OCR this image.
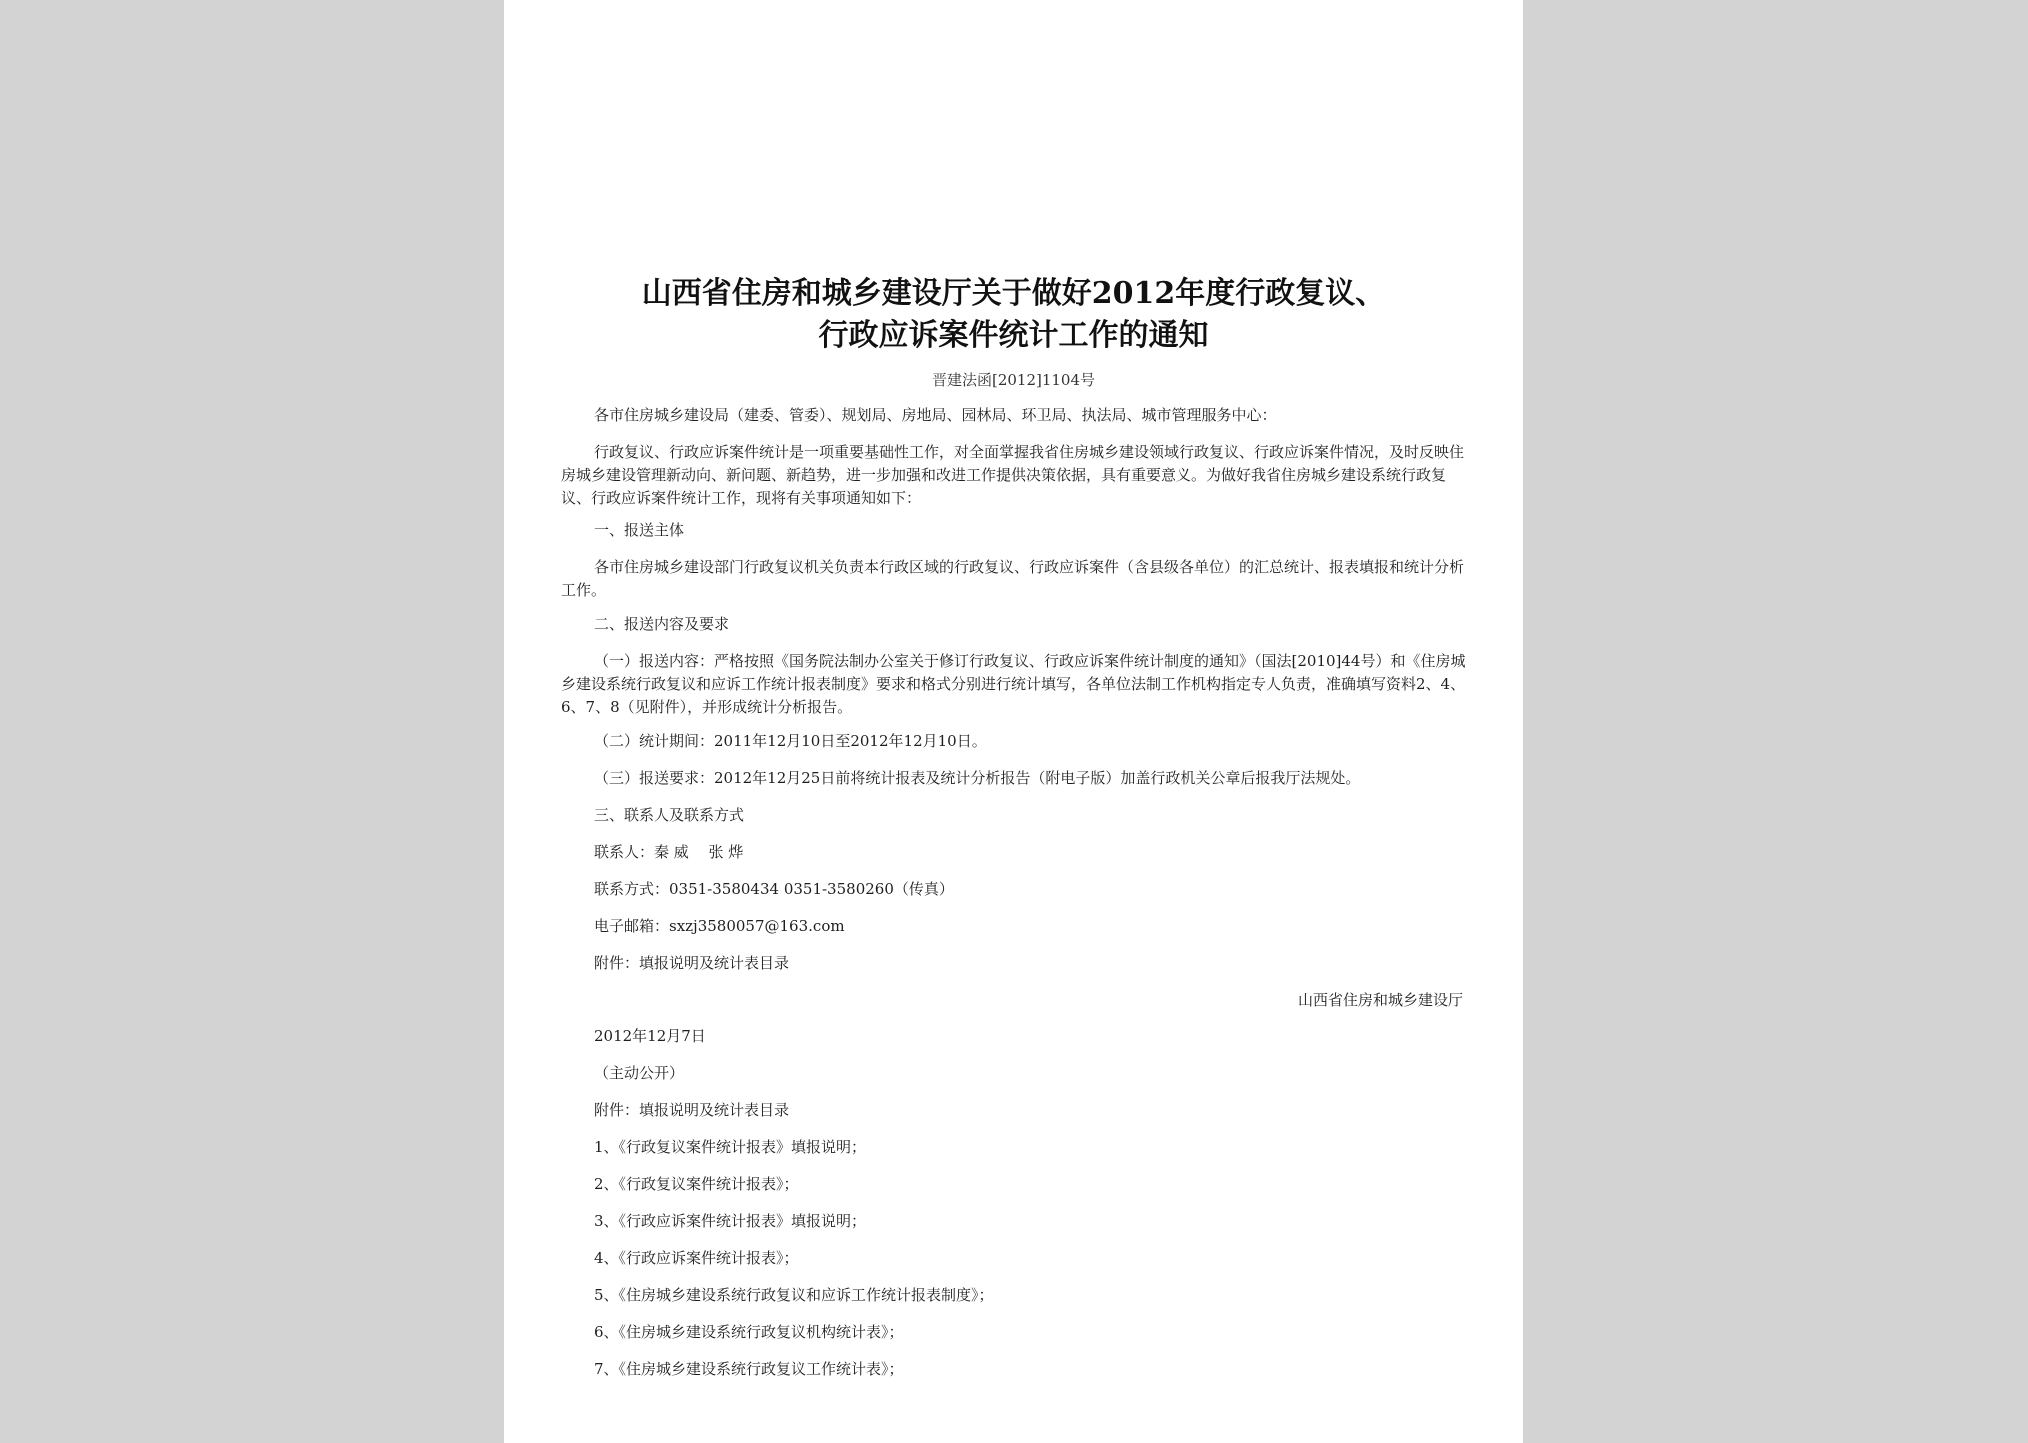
山西省住房和城乡建设厅关于做好2012年度行政复议、
行政应诉案件统计工作的通知
晋建法函[2012]1104号
各市住房城乡建设局（建委、管委）、规划局、房地局、园林局、环卫局、执法局、城市管理服务中心：
行政复议、行政应诉案件统计是一项重要基础性工作，对全面掌握我省住房城乡建设领域行政复议、行政应诉案件情况，及时反映住房城乡建设管理新动向、新问题、新趋势，进一步加强和改进工作提供决策依据，具有重要意义。为做好我省住房城乡建设系统行政复议、行政应诉案件统计工作，现将有关事项通知如下：
一、报送主体
各市住房城乡建设部门行政复议机关负责本行政区域的行政复议、行政应诉案件（含县级各单位）的汇总统计、报表填报和统计分析工作。
二、报送内容及要求
（一）报送内容：严格按照《国务院法制办公室关于修订行政复议、行政应诉案件统计制度的通知》（国法[2010]44号）和《住房城乡建设系统行政复议和应诉工作统计报表制度》要求和格式分别进行统计填写，各单位法制工作机构指定专人负责，准确填写资料2、4、6、7、8（见附件），并形成统计分析报告。
（二）统计期间：2011年12月10日至2012年12月10日。
（三）报送要求：2012年12月25日前将统计报表及统计分析报告（附电子版）加盖行政机关公章后报我厅法规处。
三、联系人及联系方式
联系人：秦 威　 张 烨
联系方式：0351-3580434 0351-3580260（传真）
电子邮箱：sxzj3580057@163.com
附件：填报说明及统计表目录
山西省住房和城乡建设厅
2012年12月7日
（主动公开）
附件：填报说明及统计表目录
1、《行政复议案件统计报表》填报说明；
2、《行政复议案件统计报表》；
3、《行政应诉案件统计报表》填报说明；
4、《行政应诉案件统计报表》；
5、《住房城乡建设系统行政复议和应诉工作统计报表制度》；
6、《住房城乡建设系统行政复议机构统计表》；
7、《住房城乡建设系统行政复议工作统计表》；
